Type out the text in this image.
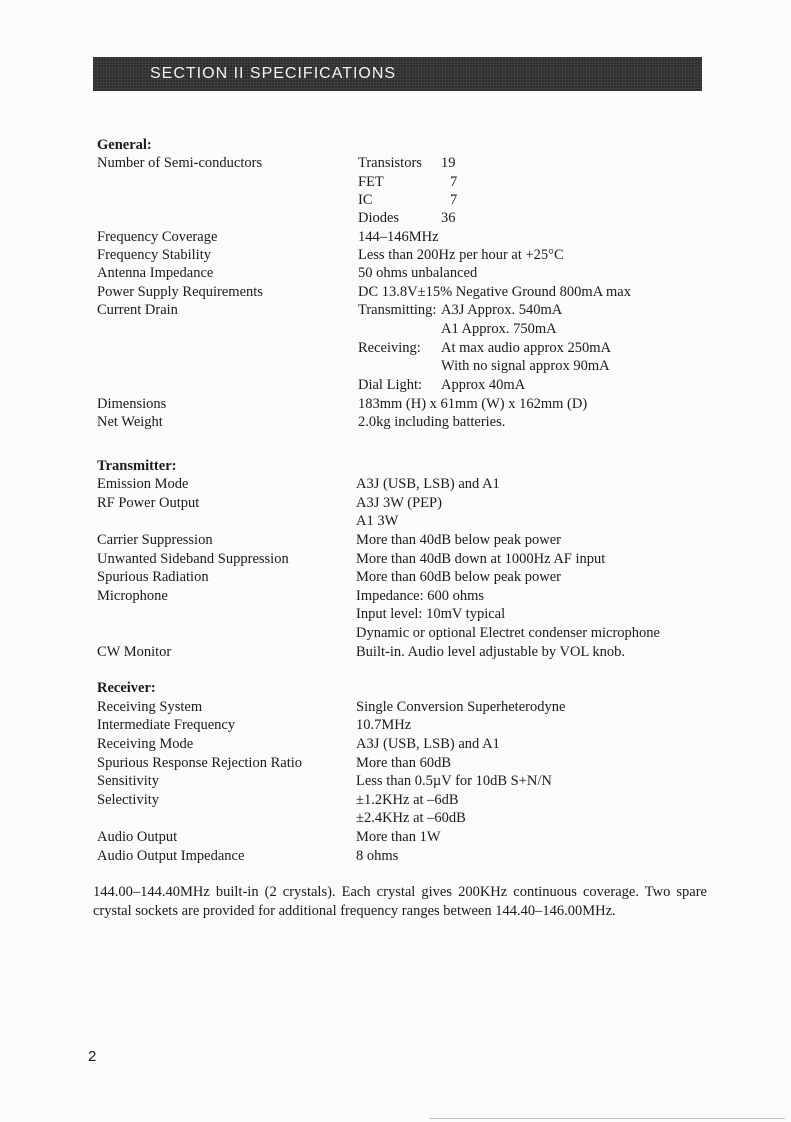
SECTION II SPECIFICATIONS
General:
Number of Semi-conductors	Transistors 19
FET	7
IC	7
Diodes	36
Frequency Coverage	144–146MHz
Frequency Stability	Less than 200Hz per hour at +25°C
Antenna Impedance	50 ohms unbalanced
Power Supply Requirements	DC 13.8V±15% Negative Ground 800mA max
Current Drain	Transmitting: A3J Approx. 540mA
A1 Approx. 750mA
Receiving: At max audio approx 250mA
With no signal approx 90mA
Dial Light: Approx 40mA
Dimensions	183mm (H) x 61mm (W) x 162mm (D)
Net Weight	2.0kg including batteries.
Transmitter:
Emission Mode	A3J (USB, LSB) and A1
RF Power Output	A3J 3W (PEP)
A1 3W
Carrier Suppression	More than 40dB below peak power
Unwanted Sideband Suppression	More than 40dB down at 1000Hz AF input
Spurious Radiation	More than 60dB below peak power
Microphone	Impedance: 600 ohms
Input level: 10mV typical
Dynamic or optional Electret condenser microphone
CW Monitor	Built-in. Audio level adjustable by VOL knob.
Receiver:
Receiving System	Single Conversion Superheterodyne
Intermediate Frequency	10.7MHz
Receiving Mode	A3J (USB, LSB) and A1
Spurious Response Rejection Ratio	More than 60dB
Sensitivity	Less than 0.5µV for 10dB S+N/N
Selectivity	±1.2KHz at –6dB
±2.4KHz at –60dB
Audio Output	More than 1W
Audio Output Impedance	8 ohms
144.00–144.40MHz built-in (2 crystals). Each crystal gives 200KHz continuous coverage. Two spare crystal sockets are provided for additional frequency ranges between 144.40–146.00MHz.
2
